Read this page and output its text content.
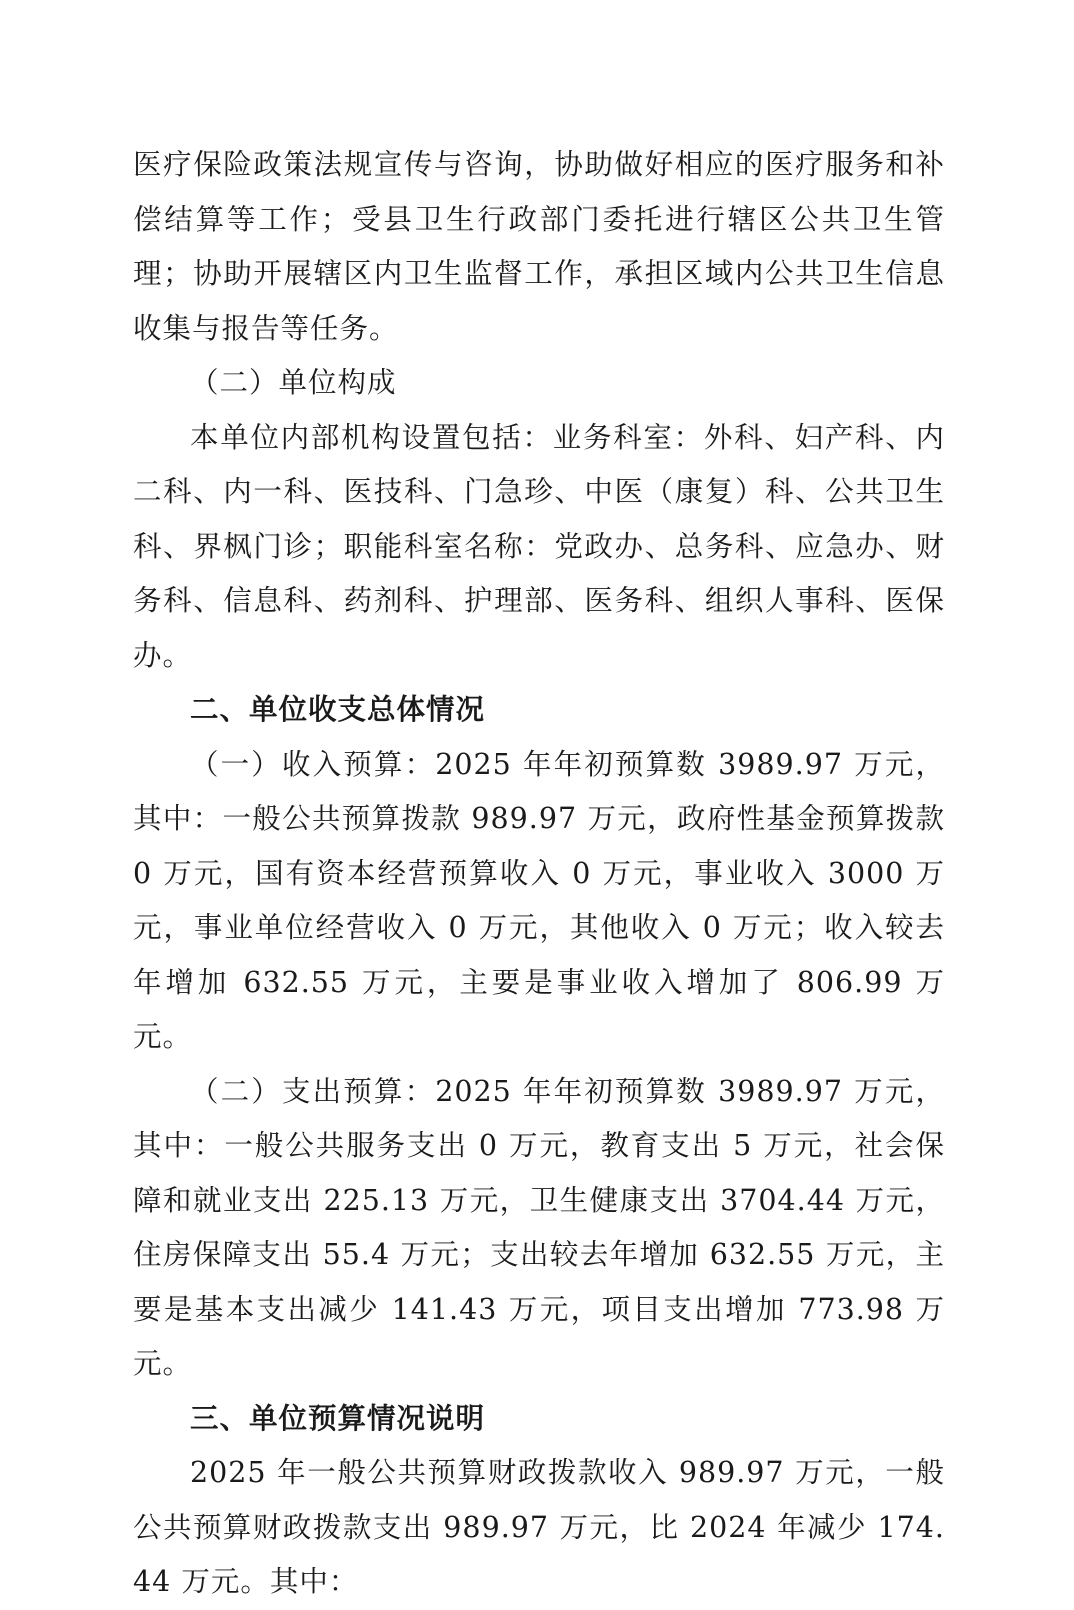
医疗保险政策法规宣传与咨询，协助做好相应的医疗服务和补偿结算等工作；受县卫生行政部门委托进行辖区公共卫生管理；协助开展辖区内卫生监督工作，承担区域内公共卫生信息收集与报告等任务。

（二）单位构成

本单位内部机构设置包括：业务科室：外科、妇产科、内二科、内一科、医技科、门急珍、中医（康复）科、公共卫生科、界枫门诊；职能科室名称：党政办、总务科、应急办、财务科、信息科、药剂科、护理部、医务科、组织人事科、医保办。

二、单位收支总体情况

（一）收入预算：2025 年年初预算数 3989.97 万元，其中：一般公共预算拨款 989.97 万元，政府性基金预算拨款 0 万元，国有资本经营预算收入 0 万元，事业收入 3000 万元，事业单位经营收入 0 万元，其他收入 0 万元；收入较去年增加 632.55 万元，主要是事业收入增加了 806.99 万元。

（二）支出预算：2025 年年初预算数 3989.97 万元，其中：一般公共服务支出 0 万元，教育支出 5 万元，社会保障和就业支出 225.13 万元，卫生健康支出 3704.44 万元，住房保障支出 55.4 万元；支出较去年增加 632.55 万元，主要是基本支出减少 141.43 万元，项目支出增加 773.98 万元。

三、单位预算情况说明

2025 年一般公共预算财政拨款收入 989.97 万元，一般公共预算财政拨款支出 989.97 万元，比 2024 年减少 174.44 万元。其中：
